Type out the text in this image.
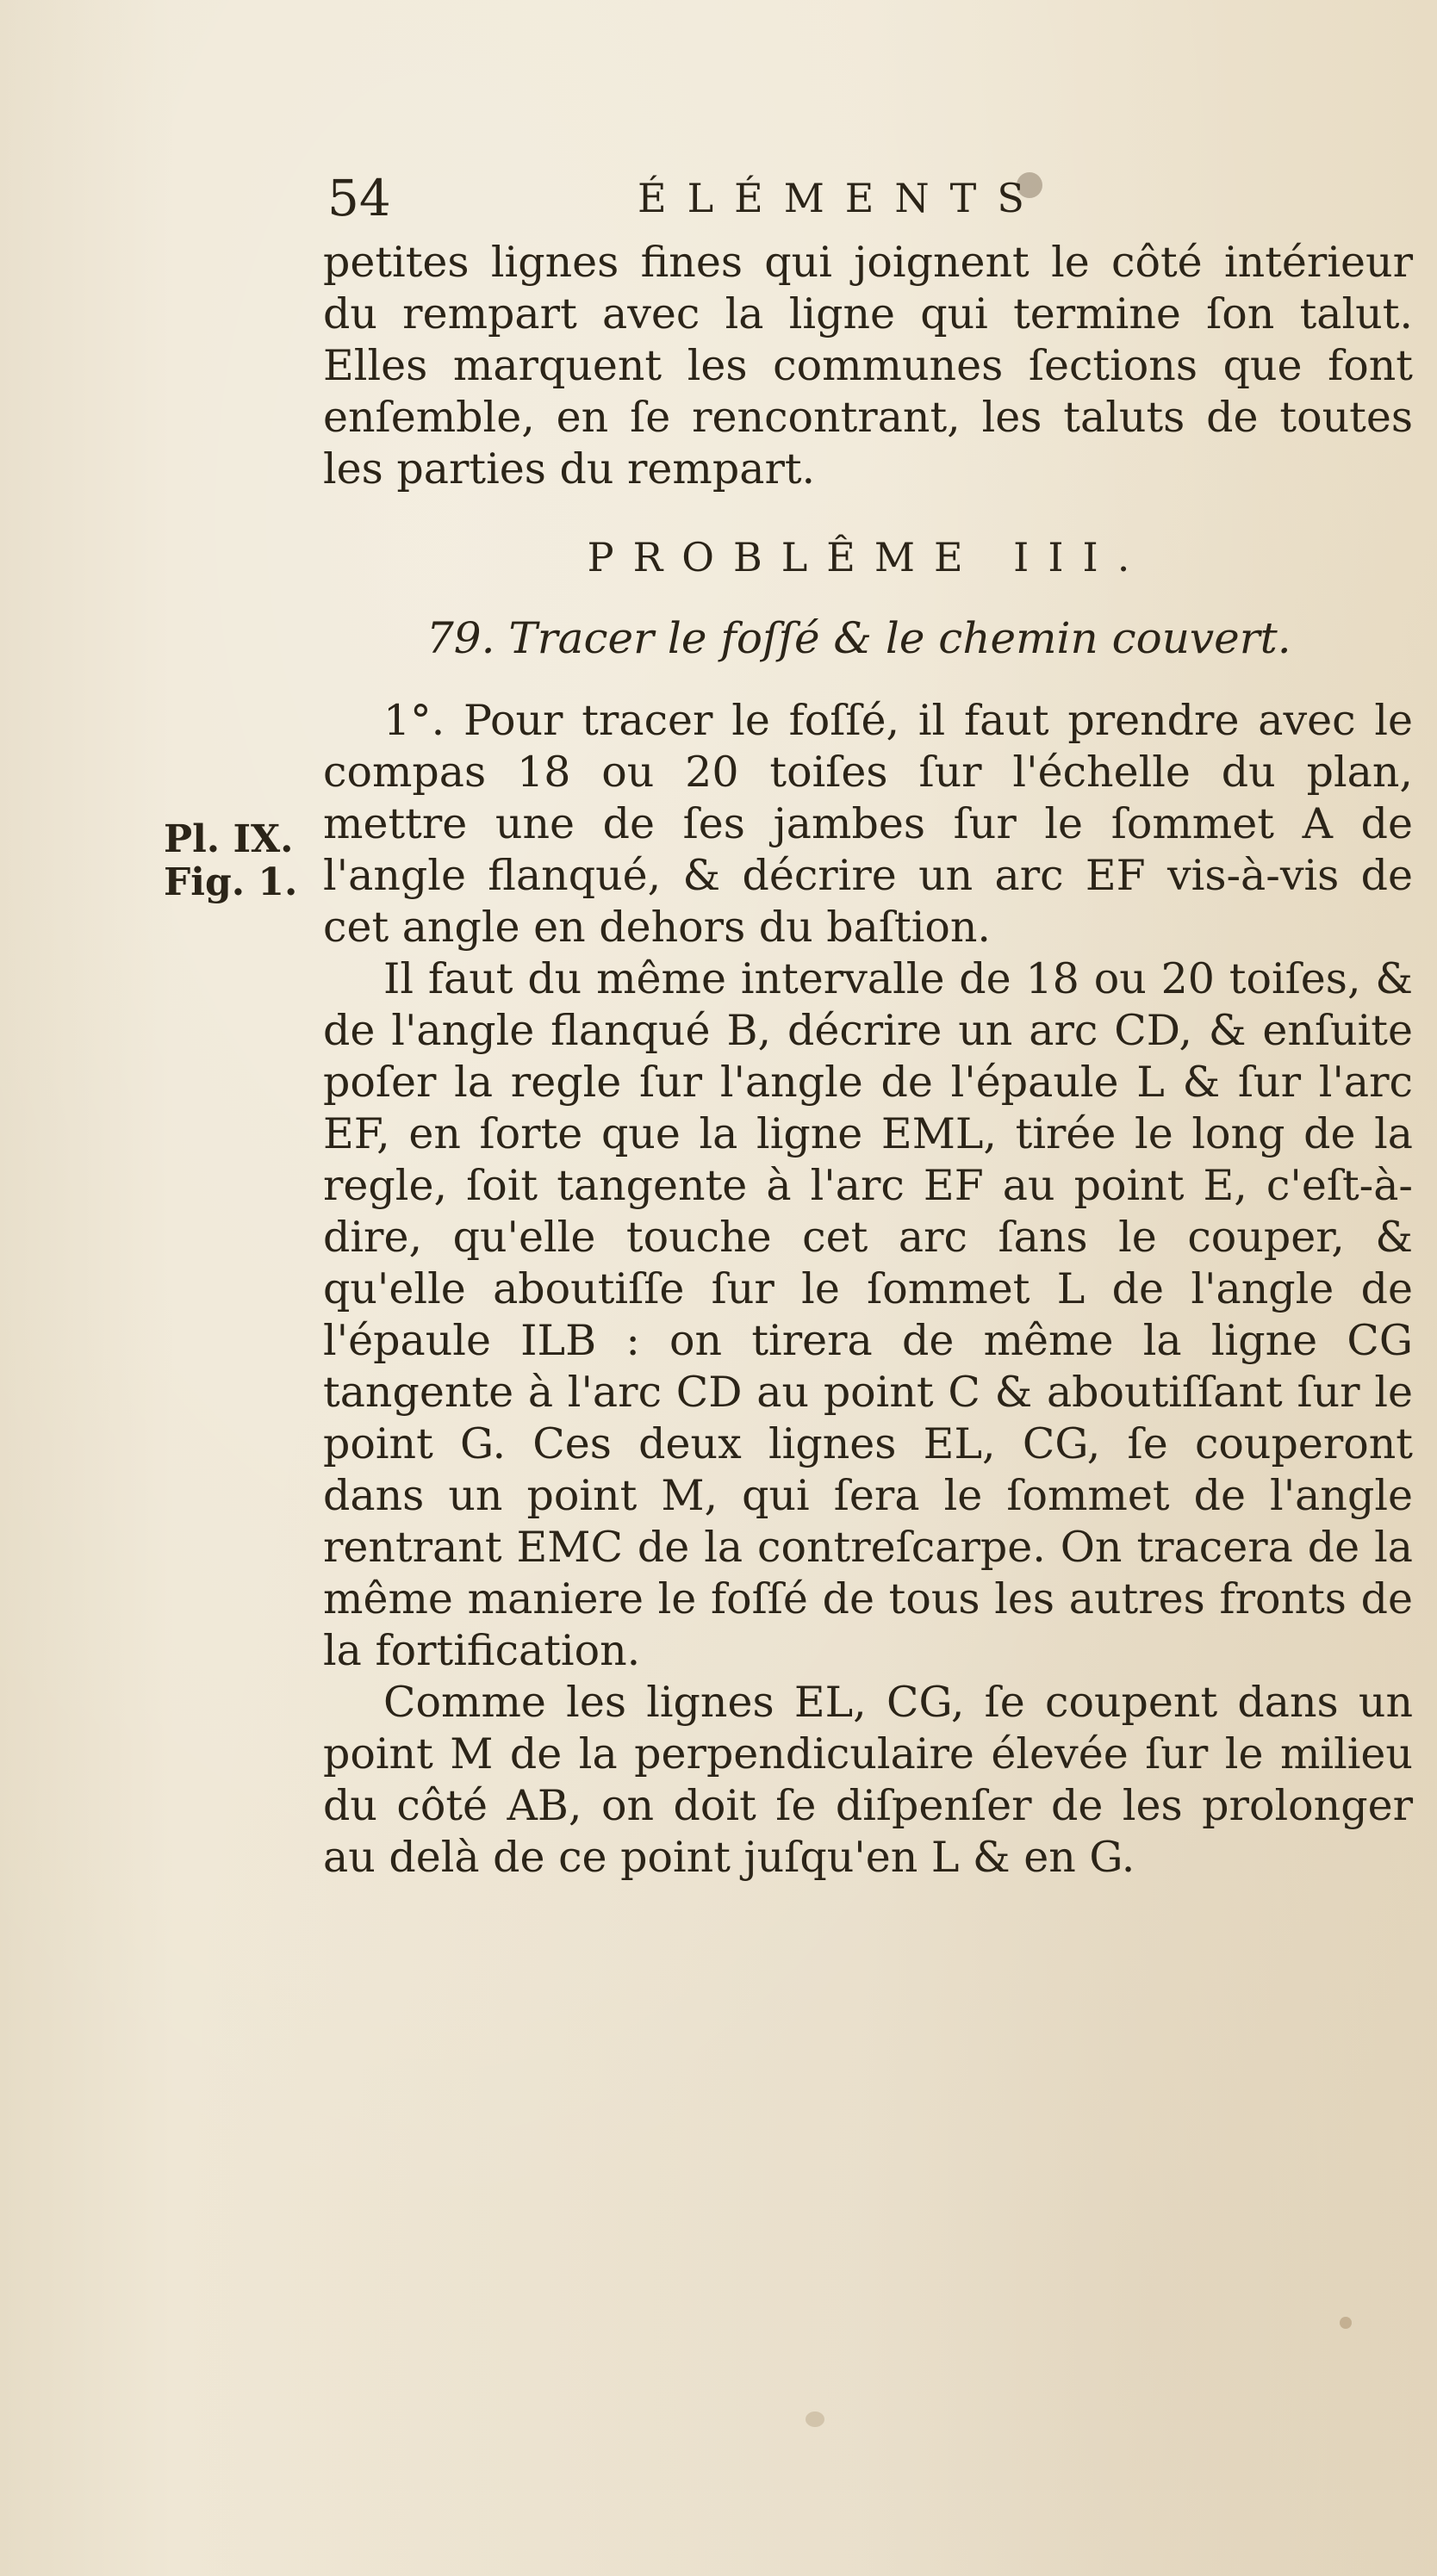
54	ÉLÉMENTS
Pl. IX.
Fig. 1.

petites lignes fines qui joignent le côté intérieur du rempart avec la ligne qui termine ſon talut. Elles marquent les communes ſections que font enſemble, en ſe rencontrant, les taluts de toutes les parties du rempart.

PROBLÊME III.

79. Tracer le foſſé & le chemin couvert.

1°. Pour tracer le foſſé, il faut prendre avec le compas 18 ou 20 toiſes ſur l'échelle du plan, mettre une de ſes jambes ſur le ſommet A de l'angle flanqué, & décrire un arc EF vis-à-vis de cet angle en dehors du baſtion.

Il faut du même intervalle de 18 ou 20 toiſes, & de l'angle flanqué B, décrire un arc CD, & enſuite poſer la regle ſur l'angle de l'épaule L & ſur l'arc EF, en ſorte que la ligne EML, tirée le long de la regle, ſoit tangente à l'arc EF au point E, c'eſt-à-dire, qu'elle touche cet arc ſans le couper, & qu'elle aboutiſſe ſur le ſommet L de l'angle de l'épaule ILB : on tirera de même la ligne CG tangente à l'arc CD au point C & aboutiſſant ſur le point G. Ces deux lignes EL, CG, ſe couperont dans un point M, qui ſera le ſommet de l'angle rentrant EMC de la contreſcarpe. On tracera de la même maniere le foſſé de tous les autres fronts de la fortification.

Comme les lignes EL, CG, ſe coupent dans un point M de la perpendiculaire élevée ſur le milieu du côté AB, on doit ſe diſpenſer de les prolonger au delà de ce point juſqu'en L & en G.
